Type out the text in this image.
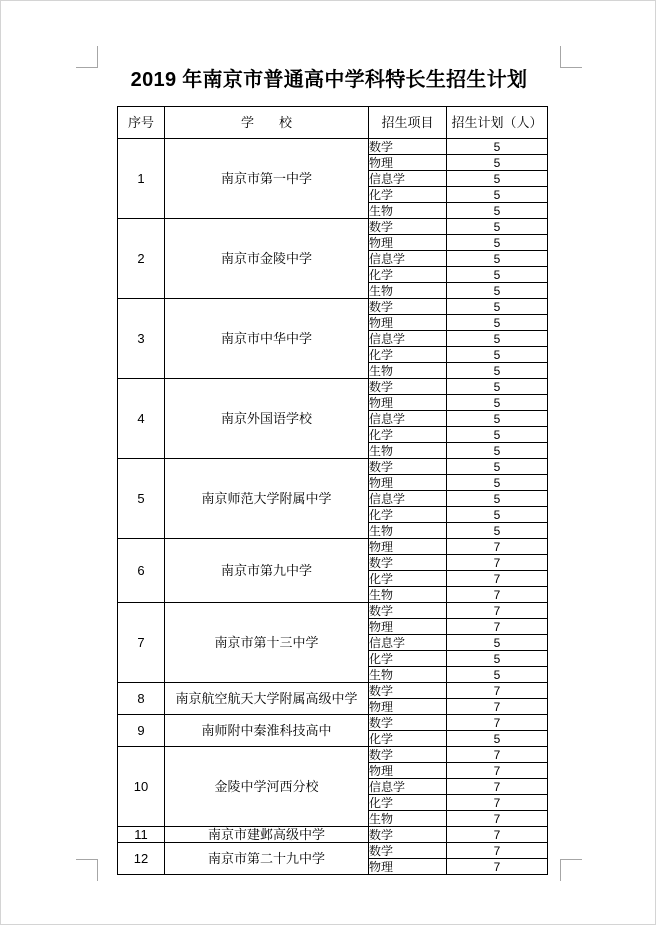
2019 年南京市普通高中学科特长生招生计划
序号	学　校	招生项目	招生计划（人）
1	南京市第一中学	数学	5

		物理	5

		信息学	5

		化学	5

		生物	5

2	南京市金陵中学	数学	5

		物理	5

		信息学	5

		化学	5

		生物	5

3	南京市中华中学	数学	5

		物理	5

		信息学	5

		化学	5

		生物	5

4	南京外国语学校	数学	5

		物理	5

		信息学	5

		化学	5

		生物	5

5	南京师范大学附属中学	数学	5

		物理	5

		信息学	5

		化学	5

		生物	5

6	南京市第九中学	物理	7

		数学	7

		化学	7

		生物	7

7	南京市第十三中学	数学	7

		物理	7

		信息学	5

		化学	5

		生物	5

8	南京航空航天大学附属高级中学	数学	7

		物理	7

9	南师附中秦淮科技高中	数学	7

		化学	5

10	金陵中学河西分校	数学	7

		物理	7

		信息学	7

		化学	7

		生物	7

11	南京市建邺高级中学	数学	7

12	南京市第二十九中学	数学	7

		物理	7
